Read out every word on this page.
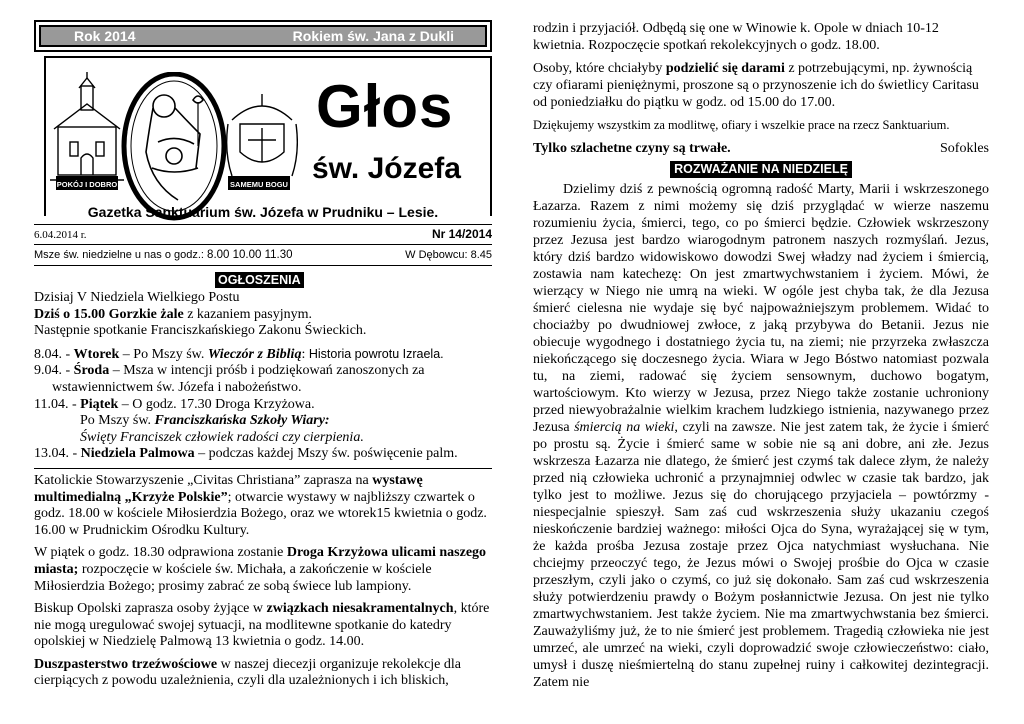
Rok 2014	Rokiem św. Jana z Dukli
POKÓJ I DOBRO	SAMEMU BOGU
Głos
św. Józefa
Gazetka Sanktuarium św. Józefa w Prudniku – Lesie.
6.04.2014 r.	Nr 14/2014
Msze św. niedzielne u nas o godz.: 8.00 10.00 11.30	W Dębowcu: 8.45
OGŁOSZENIA

Dzisiaj V Niedziela Wielkiego Postu

Dziś o 15.00 Gorzkie żale z kazaniem pasyjnym.

Następnie spotkanie Franciszkańskiego Zakonu Świeckich.

8.04. - Wtorek – Po Mszy św. Wieczór z Biblią: Historia powrotu Izraela.

9.04. - Środa – Msza w intencji próśb i podziękowań zanoszonych za

wstawiennictwem św. Józefa i nabożeństwo.

11.04. - Piątek – O godz. 17.30 Droga Krzyżowa.

Po Mszy św. Franciszkańska Szkoły Wiary:

Święty Franciszek człowiek radości czy cierpienia.

13.04. - Niedziela Palmowa – podczas każdej Mszy św. poświęcenie palm.

Katolickie Stowarzyszenie „Civitas Christiana” zaprasza na wystawę multimedialną „Krzyże Polskie”; otwarcie wystawy w najbliższy czwartek o godz. 18.00 w kościele Miłosierdzia Bożego, oraz we wtorek15 kwietnia o godz. 16.00 w Prudnickim Ośrodku Kultury.

W piątek o godz. 18.30 odprawiona zostanie Droga Krzyżowa ulicami naszego miasta; rozpoczęcie w kościele św. Michała, a zakończenie w kościele Miłosierdzia Bożego; prosimy zabrać ze sobą świece lub lampiony.

Biskup Opolski zaprasza osoby żyjące w związkach niesakramentalnych, które nie mogą uregulować swojej sytuacji, na modlitewne spotkanie do katedry opolskiej w Niedzielę Palmową 13 kwietnia o godz. 14.00.

Duszpasterstwo trzeźwościowe w naszej diecezji organizuje rekolekcje dla cierpiących z powodu uzależnienia, czyli dla uzależnionych i ich bliskich,

rodzin i przyjaciół. Odbędą się one w Winowie k. Opole w dniach 10-12 kwietnia. Rozpoczęcie spotkań rekolekcyjnych o godz. 18.00.

Osoby, które chciałyby podzielić się darami z potrzebującymi, np. żywnością czy ofiarami pieniężnymi, proszone są o przynoszenie ich do świetlicy Caritasu od poniedziałku do piątku w godz. od 15.00 do 17.00.

Dziękujemy wszystkim za modlitwę, ofiary i wszelkie prace na rzecz Sanktuarium.

Tylko szlachetne czyny są trwałe.	Sofokles
ROZWAŻANIE NA NIEDZIELĘ

Dzielimy dziś z pewnością ogromną radość Marty, Marii i wskrzeszonego Łazarza. Razem z nimi możemy się dziś przyglądać w wierze naszemu rozumieniu życia, śmierci, tego, co po śmierci będzie. Człowiek wskrzeszony przez Jezusa jest bardzo wiarogodnym patronem naszych rozmyślań. Jezus, który dziś bardzo widowiskowo dowodzi Swej władzy nad życiem i śmiercią, zostawia nam katechezę: On jest zmartwychwstaniem i życiem. Mówi, że wierzący w Niego nie umrą na wieki. W ogóle jest chyba tak, że dla Jezusa śmierć cielesna nie wydaje się być najpoważniejszym problemem. Widać to chociażby po dwudniowej zwłoce, z jaką przybywa do Betanii. Jezus nie obiecuje wygodnego i dostatniego życia tu, na ziemi; nie przyrzeka zwłaszcza niekończącego się doczesnego życia. Wiara w Jego Bóstwo natomiast pozwala tu, na ziemi, radować się życiem sensownym, duchowo bogatym, wartościowym. Kto wierzy w Jezusa, przez Niego także zostanie uchroniony przed niewyobrażalnie wielkim krachem ludzkiego istnienia, nazywanego przez Jezusa śmiercią na wieki, czyli na zawsze. Nie jest zatem tak, że życie i śmierć po prostu są. Życie i śmierć same w sobie nie są ani dobre, ani złe. Jezus wskrzesza Łazarza nie dlatego, że śmierć jest czymś tak dalece złym, że należy przed nią człowieka uchronić a przynajmniej odwlec w czasie tak bardzo, jak tylko jest to możliwe. Jezus się do chorującego przyjaciela – powtórzmy - niespecjalnie spieszył. Sam zaś cud wskrzeszenia służy ukazaniu czegoś nieskończenie bardziej ważnego: miłości Ojca do Syna, wyrażającej się w tym, że każda prośba Jezusa zostaje przez Ojca natychmiast wysłuchana. Nie chciejmy przeoczyć tego, że Jezus mówi o Swojej prośbie do Ojca w czasie przeszłym, czyli jako o czymś, co już się dokonało. Sam zaś cud wskrzeszenia służy potwierdzeniu prawdy o Bożym posłannictwie Jezusa. On jest nie tylko zmartwychwstaniem. Jest także życiem. Nie ma zmartwychwstania bez śmierci. Zauważyliśmy już, że to nie śmierć jest problemem. Tragedią człowieka nie jest umrzeć, ale umrzeć na wieki, czyli doprowadzić swoje człowieczeństwo: ciało, umysł i duszę nieśmiertelną do stanu zupełnej ruiny i całkowitej dezintegracji. Zatem nie
